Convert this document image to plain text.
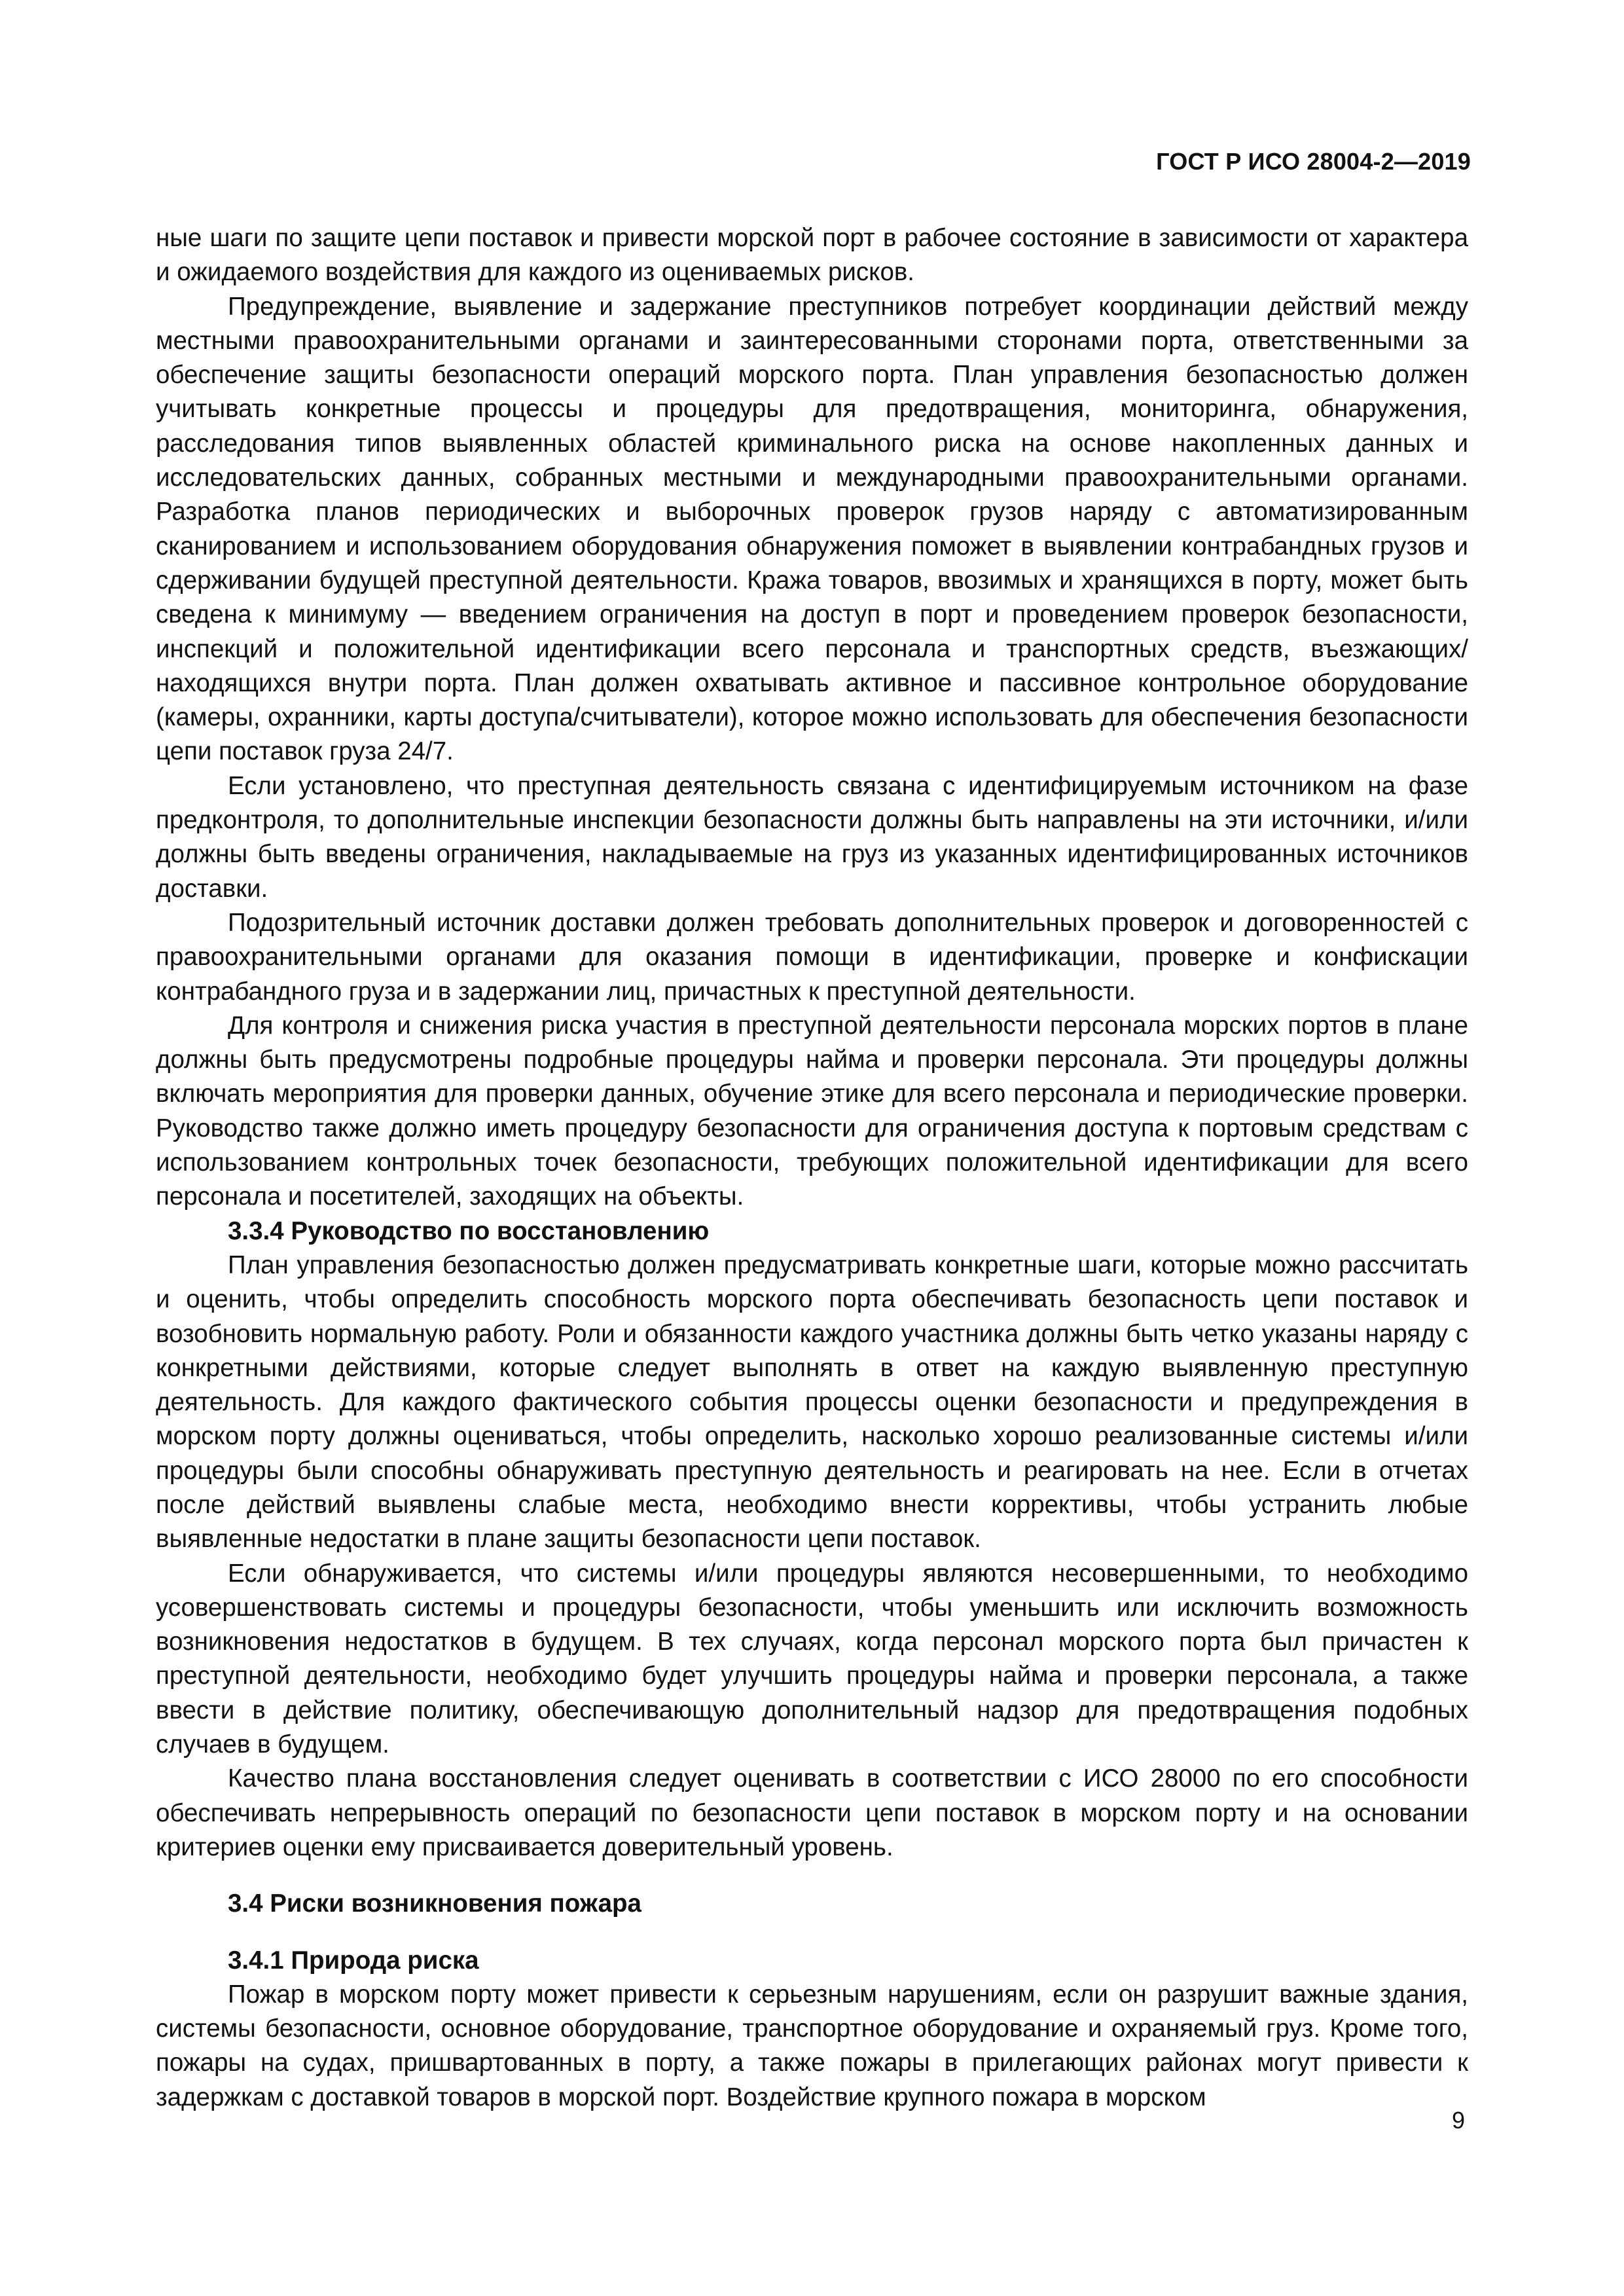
ГОСТ Р ИСО 28004-2—2019

ные шаги по защите цепи поставок и привести морской порт в рабочее состояние в зависимости от характера и ожидаемого воздействия для каждого из оцениваемых рисков.

Предупреждение, выявление и задержание преступников потребует координации действий между местными правоохранительными органами и заинтересованными сторонами порта, ответственными за обеспечение защиты безопасности операций морского порта. План управления безопасностью должен учитывать конкретные процессы и процедуры для предотвращения, мониторинга, обнаружения, расследования типов выявленных областей криминального риска на основе накопленных данных и исследовательских данных, собранных местными и международными правоохранительными органами. Разработка планов периодических и выборочных проверок грузов наряду с автоматизированным сканированием и использованием оборудования обнаружения поможет в выявлении контрабандных грузов и сдерживании будущей преступной деятельности. Кража товаров, ввозимых и хранящихся в порту, может быть сведена к минимуму — введением ограничения на доступ в порт и проведением проверок безопасности, инспекций и положительной идентификации всего персонала и транспортных средств, въезжающих/находящихся внутри порта. План должен охватывать активное и пассивное контрольное оборудование (камеры, охранники, карты доступа/считыватели), которое можно использовать для обеспечения безопасности цепи поставок груза 24/7.

Если установлено, что преступная деятельность связана с идентифицируемым источником на фазе предконтроля, то дополнительные инспекции безопасности должны быть направлены на эти источники, и/или должны быть введены ограничения, накладываемые на груз из указанных идентифицированных источников доставки.

Подозрительный источник доставки должен требовать дополнительных проверок и договоренностей с правоохранительными органами для оказания помощи в идентификации, проверке и конфискации контрабандного груза и в задержании лиц, причастных к преступной деятельности.

Для контроля и снижения риска участия в преступной деятельности персонала морских портов в плане должны быть предусмотрены подробные процедуры найма и проверки персонала. Эти процедуры должны включать мероприятия для проверки данных, обучение этике для всего персонала и периодические проверки. Руководство также должно иметь процедуру безопасности для ограничения доступа к портовым средствам с использованием контрольных точек безопасности, требующих положительной идентификации для всего персонала и посетителей, заходящих на объекты.

3.3.4 Руководство по восстановлению

План управления безопасностью должен предусматривать конкретные шаги, которые можно рассчитать и оценить, чтобы определить способность морского порта обеспечивать безопасность цепи поставок и возобновить нормальную работу. Роли и обязанности каждого участника должны быть четко указаны наряду с конкретными действиями, которые следует выполнять в ответ на каждую выявленную преступную деятельность. Для каждого фактического события процессы оценки безопасности и предупреждения в морском порту должны оцениваться, чтобы определить, насколько хорошо реализованные системы и/или процедуры были способны обнаруживать преступную деятельность и реагировать на нее. Если в отчетах после действий выявлены слабые места, необходимо внести коррективы, чтобы устранить любые выявленные недостатки в плане защиты безопасности цепи поставок.

Если обнаруживается, что системы и/или процедуры являются несовершенными, то необходимо усовершенствовать системы и процедуры безопасности, чтобы уменьшить или исключить возможность возникновения недостатков в будущем. В тех случаях, когда персонал морского порта был причастен к преступной деятельности, необходимо будет улучшить процедуры найма и проверки персонала, а также ввести в действие политику, обеспечивающую дополнительный надзор для предотвращения подобных случаев в будущем.

Качество плана восстановления следует оценивать в соответствии с ИСО 28000 по его способности обеспечивать непрерывность операций по безопасности цепи поставок в морском порту и на основании критериев оценки ему присваивается доверительный уровень.

3.4 Риски возникновения пожара
3.4.1 Природа риска

Пожар в морском порту может привести к серьезным нарушениям, если он разрушит важные здания, системы безопасности, основное оборудование, транспортное оборудование и охраняемый груз. Кроме того, пожары на судах, пришвартованных в порту, а также пожары в прилегающих районах могут привести к задержкам с доставкой товаров в морской порт. Воздействие крупного пожара в морском

9
